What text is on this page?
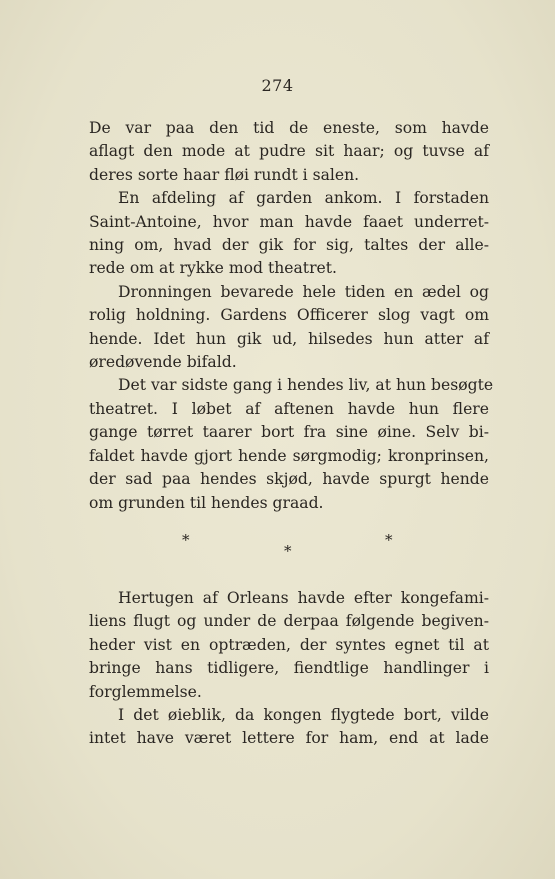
274
De var paa den tid de eneste, som havde
aflagt den mode at pudre sit haar; og tuvse af
deres sorte haar fløi rundt i salen.
En afdeling af garden ankom. I forstaden
Saint-Antoine, hvor man havde faaet underret-
ning om, hvad der gik for sig, taltes der alle-
rede om at rykke mod theatret.
Dronningen bevarede hele tiden en ædel og
rolig holdning. Gardens Officerer slog vagt om
hende. Idet hun gik ud, hilsedes hun atter af
øredøvende bifald.
Det var sidste gang i hendes liv, at hun besøgte
theatret. I løbet af aftenen havde hun flere
gange tørret taarer bort fra sine øine. Selv bi-
faldet havde gjort hende sørgmodig; kronprinsen,
der sad paa hendes skjød, havde spurgt hende
om grunden til hendes graad.
*
*
*
Hertugen af Orleans havde efter kongefami-
liens flugt og under de derpaa følgende begiven-
heder vist en optræden, der syntes egnet til at
bringe hans tidligere, fiendtlige handlinger i
forglemmelse.
I det øieblik, da kongen flygtede bort, vilde
intet have været lettere for ham, end at lade
